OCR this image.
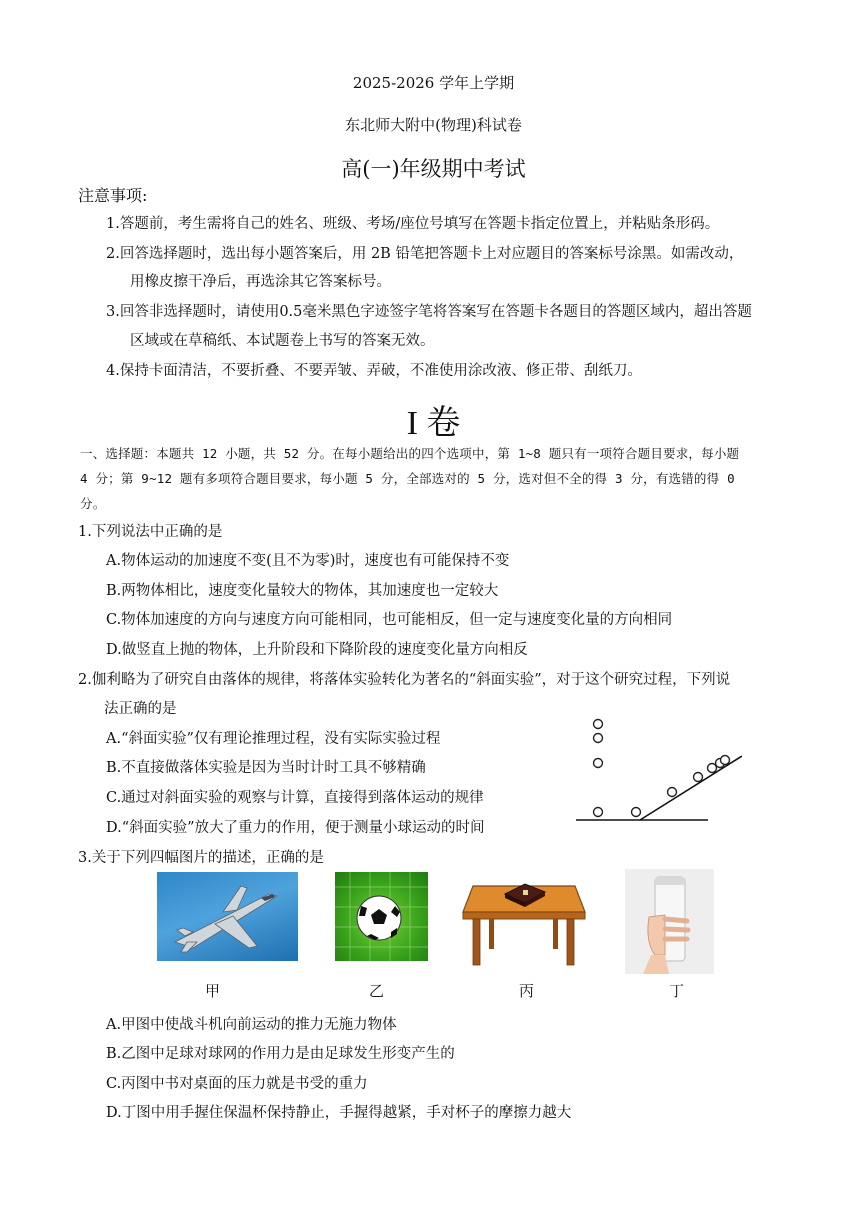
2025-2026 学年上学期
东北师大附中(物理)科试卷
高(一)年级期中考试
注意事项:
1.答题前，考生需将自己的姓名、班级、考场/座位号填写在答题卡指定位置上，并粘贴条形码。
2.回答选择题时，选出每小题答案后，用 2B 铅笔把答题卡上对应题目的答案标号涂黑。如需改动，
用橡皮擦干净后，再选涂其它答案标号。
3.回答非选择题时，请使用0.5毫米黑色字迹签字笔将答案写在答题卡各题目的答题区域内，超出答题
区域或在草稿纸、本试题卷上书写的答案无效。
4.保持卡面清洁，不要折叠、不要弄皱、弄破，不准使用涂改液、修正带、刮纸刀。
I 卷
一、选择题：本题共 12 小题，共 52 分。在每小题给出的四个选项中，第 1~8 题只有一项符合题目要求，每小题
4 分；第 9~12 题有多项符合题目要求，每小题 5 分，全部选对的 5 分，选对但不全的得 3 分，有选错的得 0
分。
1.下列说法中正确的是
A.物体运动的加速度不变(且不为零)时，速度也有可能保持不变
B.两物体相比，速度变化量较大的物体，其加速度也一定较大
C.物体加速度的方向与速度方向可能相同，也可能相反，但一定与速度变化量的方向相同
D.做竖直上抛的物体，上升阶段和下降阶段的速度变化量方向相反
2.伽利略为了研究自由落体的规律，将落体实验转化为著名的“斜面实验”，对于这个研究过程，下列说
法正确的是
A.“斜面实验”仅有理论推理过程，没有实际实验过程
B.不直接做落体实验是因为当时计时工具不够精确
C.通过对斜面实验的观察与计算，直接得到落体运动的规律
D.“斜面实验”放大了重力的作用，便于测量小球运动的时间
3.关于下列四幅图片的描述，正确的是
甲	乙	丙	丁
A.甲图中使战斗机向前运动的推力无施力物体
B.乙图中足球对球网的作用力是由足球发生形变产生的
C.丙图中书对桌面的压力就是书受的重力
D.丁图中用手握住保温杯保持静止，手握得越紧，手对杯子的摩擦力越大
